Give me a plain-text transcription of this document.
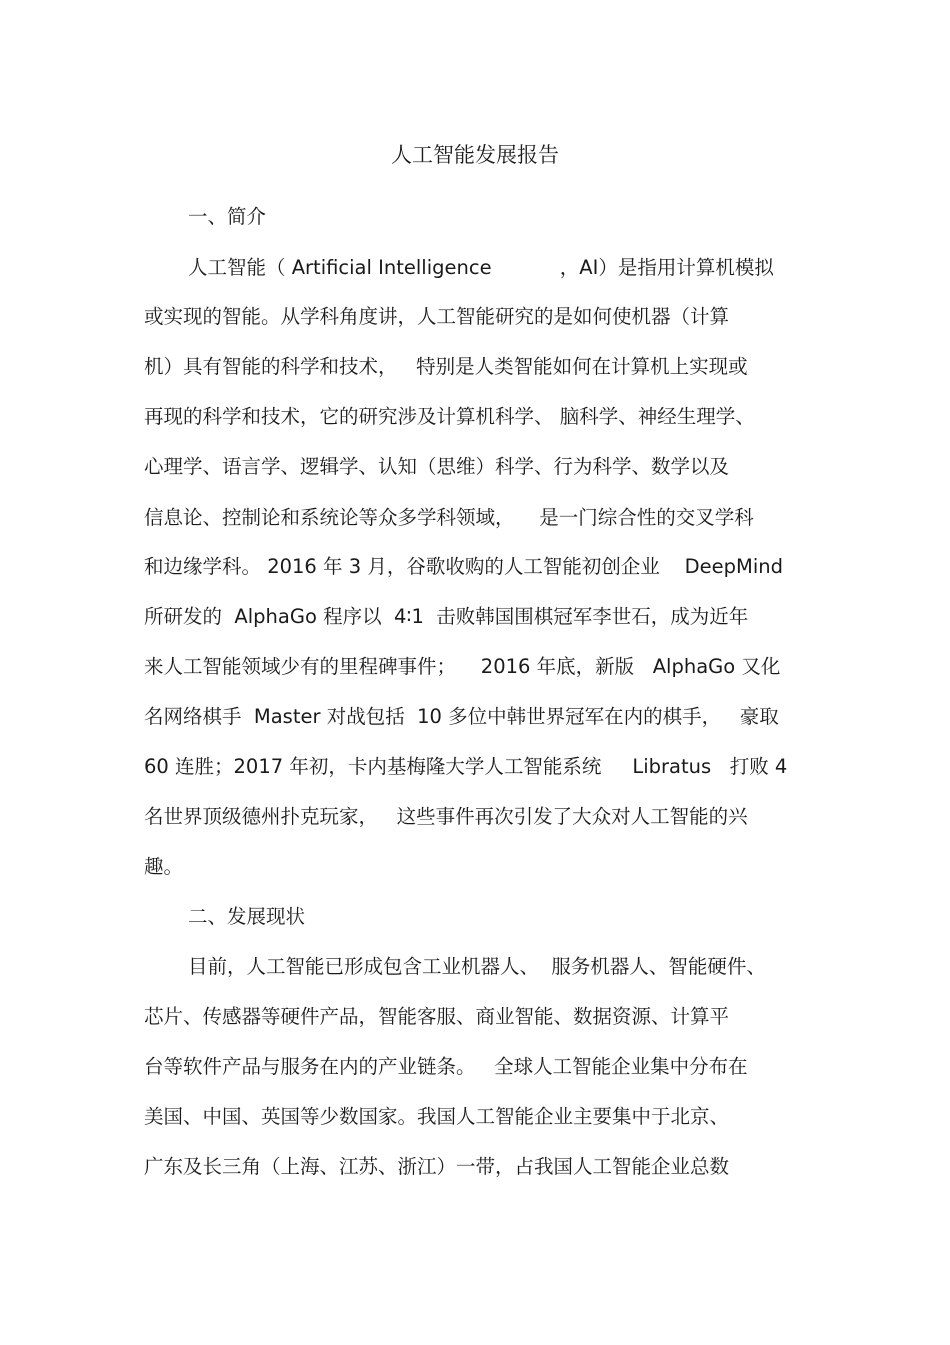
人工智能发展报告
一、简介
人工智能（ Artificial Intelligence           ，AI）是指用计算机模拟
或实现的智能。从学科角度讲，人工智能研究的是如何使机器（计算
机）具有智能的科学和技术，   特别是人类智能如何在计算机上实现或
再现的科学和技术，它的研究涉及计算机科学、 脑科学、神经生理学、
心理学、语言学、逻辑学、认知（思维）科学、行为科学、数学以及
信息论、控制论和系统论等众多学科领域，    是一门综合性的交叉学科
和边缘学科。 2016 年 3 月，谷歌收购的人工智能初创企业    DeepMind
所研发的  AlphaGo 程序以  4∶1  击败韩国围棋冠军李世石，成为近年
来人工智能领域少有的里程碑事件；    2016 年底，新版   AlphaGo 又化
名网络棋手  Master 对战包括  10 多位中韩世界冠军在内的棋手，   豪取
60 连胜；2017 年初，卡内基梅隆大学人工智能系统     Libratus   打败 4
名世界顶级德州扑克玩家，   这些事件再次引发了大众对人工智能的兴
趣。
二、发展现状
目前，人工智能已形成包含工业机器人、  服务机器人、智能硬件、
芯片、传感器等硬件产品，智能客服、商业智能、数据资源、计算平
台等软件产品与服务在内的产业链条。   全球人工智能企业集中分布在
美国、中国、英国等少数国家。我国人工智能企业主要集中于北京、
广东及长三角（上海、江苏、浙江）一带，占我国人工智能企业总数
